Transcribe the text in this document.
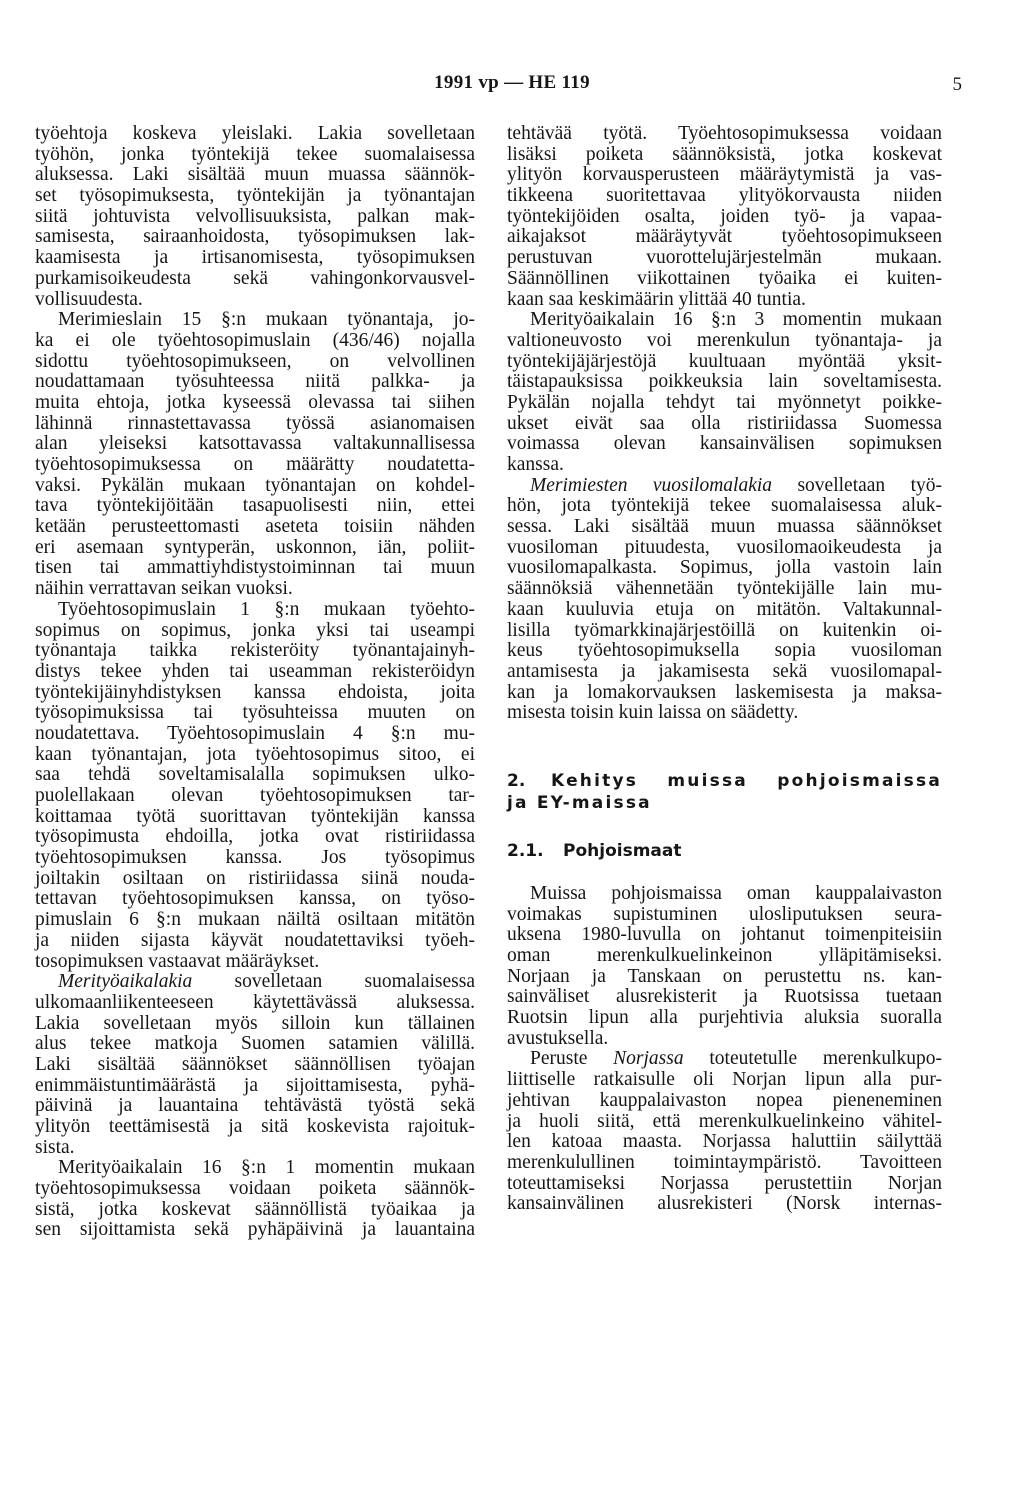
1991 vp — HE 119	5
työehtoja koskeva yleislaki. Lakia sovelletaan
työhön, jonka työntekijä tekee suomalaisessa
aluksessa. Laki sisältää muun muassa säännök-
set työsopimuksesta, työntekijän ja työnantajan
siitä johtuvista velvollisuuksista, palkan mak-
samisesta, sairaanhoidosta, työsopimuksen lak-
kaamisesta ja irtisanomisesta, työsopimuksen
purkamisoikeudesta sekä vahingonkorvausvel-
vollisuudesta.
Merimieslain 15 §:n mukaan työnantaja, jo-
ka ei ole työehtosopimuslain (436/46) nojalla
sidottu työehtosopimukseen, on velvollinen
noudattamaan työsuhteessa niitä palkka- ja
muita ehtoja, jotka kyseessä olevassa tai siihen
lähinnä rinnastettavassa työssä asianomaisen
alan yleiseksi katsottavassa valtakunnallisessa
työehtosopimuksessa on määrätty noudatetta-
vaksi. Pykälän mukaan työnantajan on kohdel-
tava työntekijöitään tasapuolisesti niin, ettei
ketään perusteettomasti aseteta toisiin nähden
eri asemaan syntyperän, uskonnon, iän, poliit-
tisen tai ammattiyhdistystoiminnan tai muun
näihin verrattavan seikan vuoksi.
Työehtosopimuslain 1 §:n mukaan työehto-
sopimus on sopimus, jonka yksi tai useampi
työnantaja taikka rekisteröity työnantajainyh-
distys tekee yhden tai useamman rekisteröidyn
työntekijäinyhdistyksen kanssa ehdoista, joita
työsopimuksissa tai työsuhteissa muuten on
noudatettava. Työehtosopimuslain 4 §:n mu-
kaan työnantajan, jota työehtosopimus sitoo, ei
saa tehdä soveltamisalalla sopimuksen ulko-
puolellakaan olevan työehtosopimuksen tar-
koittamaa työtä suorittavan työntekijän kanssa
työsopimusta ehdoilla, jotka ovat ristiriidassa
työehtosopimuksen kanssa. Jos työsopimus
joiltakin osiltaan on ristiriidassa siinä nouda-
tettavan työehtosopimuksen kanssa, on työso-
pimuslain 6 §:n mukaan näiltä osiltaan mitätön
ja niiden sijasta käyvät noudatettaviksi työeh-
tosopimuksen vastaavat määräykset.
Merityöaikalakia sovelletaan suomalaisessa
ulkomaanliikenteeseen käytettävässä aluksessa.
Lakia sovelletaan myös silloin kun tällainen
alus tekee matkoja Suomen satamien välillä.
Laki sisältää säännökset säännöllisen työajan
enimmäistuntimäärästä ja sijoittamisesta, pyhä-
päivinä ja lauantaina tehtävästä työstä sekä
ylityön teettämisestä ja sitä koskevista rajoituk-
sista.
Merityöaikalain 16 §:n 1 momentin mukaan
työehtosopimuksessa voidaan poiketa säännök-
sistä, jotka koskevat säännöllistä työaikaa ja
sen sijoittamista sekä pyhäpäivinä ja lauantaina
tehtävää työtä. Työehtosopimuksessa voidaan
lisäksi poiketa säännöksistä, jotka koskevat
ylityön korvausperusteen määräytymistä ja vas-
tikkeena suoritettavaa ylityökorvausta niiden
työntekijöiden osalta, joiden työ- ja vapaa-
aikajaksot määräytyvät työehtosopimukseen
perustuvan vuorottelujärjestelmän mukaan.
Säännöllinen viikottainen työaika ei kuiten-
kaan saa keskimäärin ylittää 40 tuntia.
Merityöaikalain 16 §:n 3 momentin mukaan
valtioneuvosto voi merenkulun työnantaja- ja
työntekijäjärjestöjä kuultuaan myöntää yksit-
täistapauksissa poikkeuksia lain soveltamisesta.
Pykälän nojalla tehdyt tai myönnetyt poikke-
ukset eivät saa olla ristiriidassa Suomessa
voimassa olevan kansainvälisen sopimuksen
kanssa.
Merimiesten vuosilomalakia sovelletaan työ-
hön, jota työntekijä tekee suomalaisessa aluk-
sessa. Laki sisältää muun muassa säännökset
vuosiloman pituudesta, vuosilomaoikeudesta ja
vuosilomapalkasta. Sopimus, jolla vastoin lain
säännöksiä vähennetään työntekijälle lain mu-
kaan kuuluvia etuja on mitätön. Valtakunnal-
lisilla työmarkkinajärjestöillä on kuitenkin oi-
keus työehtosopimuksella sopia vuosiloman
antamisesta ja jakamisesta sekä vuosilomapal-
kan ja lomakorvauksen laskemisesta ja maksa-
misesta toisin kuin laissa on säädetty.
2. Kehitys muissa pohjoismaissa
ja EY-maissa
2.1. Pohjoismaat
Muissa pohjoismaissa oman kauppalaivaston
voimakas supistuminen ulosliputuksen seura-
uksena 1980-luvulla on johtanut toimenpiteisiin
oman merenkulkuelinkeinon ylläpitämiseksi.
Norjaan ja Tanskaan on perustettu ns. kan-
sainväliset alusrekisterit ja Ruotsissa tuetaan
Ruotsin lipun alla purjehtivia aluksia suoralla
avustuksella.
Peruste Norjassa toteutetulle merenkulkupo-
liittiselle ratkaisulle oli Norjan lipun alla pur-
jehtivan kauppalaivaston nopea pieneneminen
ja huoli siitä, että merenkulkuelinkeino vähitel-
len katoaa maasta. Norjassa haluttiin säilyttää
merenkulullinen toimintaympäristö. Tavoitteen
toteuttamiseksi Norjassa perustettiin Norjan
kansainvälinen alusrekisteri (Norsk internas-
